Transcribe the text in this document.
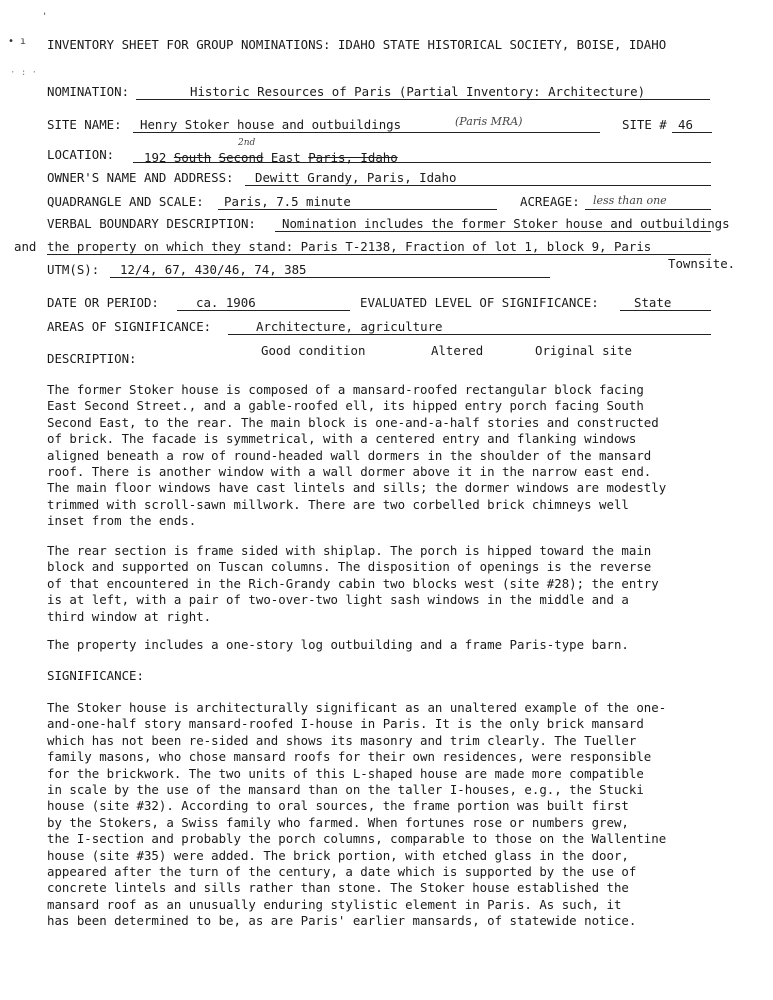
'
• ı
· : ·
INVENTORY SHEET FOR GROUP NOMINATIONS: IDAHO STATE HISTORICAL SOCIETY, BOISE, IDAHO
NOMINATION:	Historic Resources of Paris (Partial Inventory: Architecture)
SITE NAME: Henry Stoker house and outbuildings	(Paris MRA)	SITE # 46
LOCATION: 192 South Second East Paris, Idaho
2nd
OWNER'S NAME AND ADDRESS: Dewitt Grandy, Paris, Idaho
QUADRANGLE AND SCALE: Paris, 7.5 minute	ACREAGE: less than one
VERBAL BOUNDARY DESCRIPTION: Nomination includes the former Stoker house and outbuildings
and the property on which they stand: Paris T-2138, Fraction of lot 1, block 9, Paris
Townsite.
UTM(S): 12/4, 67, 430/46, 74, 385
DATE OR PERIOD:	ca. 1906	EVALUATED LEVEL OF SIGNIFICANCE:	State
AREAS OF SIGNIFICANCE:	Architecture, agriculture
DESCRIPTION:
Good condition	Altered	Original site
The former Stoker house is composed of a mansard-roofed rectangular block facing
East Second Street., and a gable-roofed ell, its hipped entry porch facing South
Second East, to the rear. The main block is one-and-a-half stories and constructed
of brick. The facade is symmetrical, with a centered entry and flanking windows
aligned beneath a row of round-headed wall dormers in the shoulder of the mansard
roof. There is another window with a wall dormer above it in the narrow east end.
The main floor windows have cast lintels and sills; the dormer windows are modestly
trimmed with scroll-sawn millwork. There are two corbelled brick chimneys well
inset from the ends.
The rear section is frame sided with shiplap. The porch is hipped toward the main
block and supported on Tuscan columns. The disposition of openings is the reverse
of that encountered in the Rich-Grandy cabin two blocks west (site #28); the entry
is at left, with a pair of two-over-two light sash windows in the middle and a
third window at right.
The property includes a one-story log outbuilding and a frame Paris-type barn.
SIGNIFICANCE:
The Stoker house is architecturally significant as an unaltered example of the one-
and-one-half story mansard-roofed I-house in Paris. It is the only brick mansard
which has not been re-sided and shows its masonry and trim clearly. The Tueller
family masons, who chose mansard roofs for their own residences, were responsible
for the brickwork. The two units of this L-shaped house are made more compatible
in scale by the use of the mansard than on the taller I-houses, e.g., the Stucki
house (site #32). According to oral sources, the frame portion was built first
by the Stokers, a Swiss family who farmed. When fortunes rose or numbers grew,
the I-section and probably the porch columns, comparable to those on the Wallentine
house (site #35) were added. The brick portion, with etched glass in the door,
appeared after the turn of the century, a date which is supported by the use of
concrete lintels and sills rather than stone. The Stoker house established the
mansard roof as an unusually enduring stylistic element in Paris. As such, it
has been determined to be, as are Paris' earlier mansards, of statewide notice.
